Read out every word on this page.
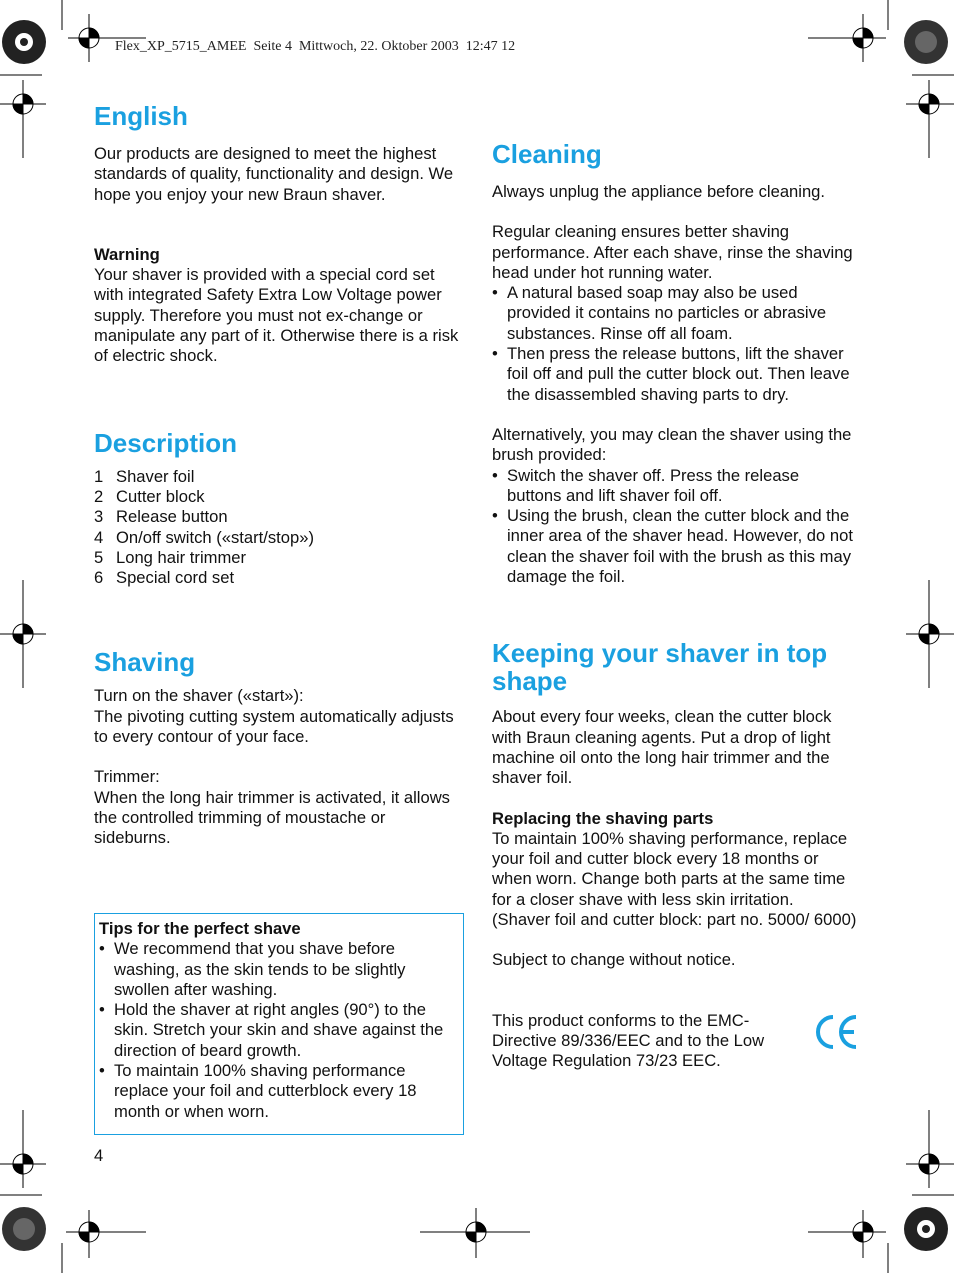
Flex_XP_5715_AMEE  Seite 4  Mittwoch, 22. Oktober 2003  12:47 12
English

Our products are designed to meet the highest standards of quality, functionality and design. We hope you enjoy your new Braun shaver.

Warning

Your shaver is provided with a special cord set with integrated Safety Extra Low Voltage power supply. Therefore you must not ex-change or manipulate any part of it. Otherwise there is a risk of electric shock.

Description
1 Shaver foil
2 Cutter block
3 Release button
4 On/off switch («start/stop»)
5 Long hair trimmer
6 Special cord set
Shaving

Turn on the shaver («start»):

The pivoting cutting system automatically adjusts to every contour of your face.

Trimmer:

When the long hair trimmer is activated, it allows the controlled trimming of moustache or sideburns.

Tips for the perfect shave

• We recommend that you shave before washing, as the skin tends to be slightly swollen after washing.
• Hold the shaver at right angles (90°) to the skin. Stretch your skin and shave against the direction of beard growth.
• To maintain 100% shaving performance replace your foil and cutterblock every 18 month or when worn.
4
Cleaning

Always unplug the appliance before cleaning.

Regular cleaning ensures better shaving performance. After each shave, rinse the shaving head under hot running water.

• A natural based soap may also be used provided it contains no particles or abrasive substances. Rinse off all foam.
• Then press the release buttons, lift the shaver foil off and pull the cutter block out. Then leave the disassembled shaving parts to dry.

Alternatively, you may clean the shaver using the brush provided:

• Switch the shaver off. Press the release buttons and lift shaver foil off.
• Using the brush, clean the cutter block and the inner area of the shaver head. However, do not clean the shaver foil with the brush as this may damage the foil.
Keeping your shaver in top shape

About every four weeks, clean the cutter block with Braun cleaning agents. Put a drop of light machine oil onto the long hair trimmer and the shaver foil.

Replacing the shaving parts

To maintain 100% shaving performance, replace your foil and cutter block every 18 months or when worn. Change both parts at the same time for a closer shave with less skin irritation.

(Shaver foil and cutter block: part no. 5000/ 6000)

Subject to change without notice.

This product conforms to the EMC-Directive 89/336/EEC and to the Low Voltage Regulation 73/23 EEC.
